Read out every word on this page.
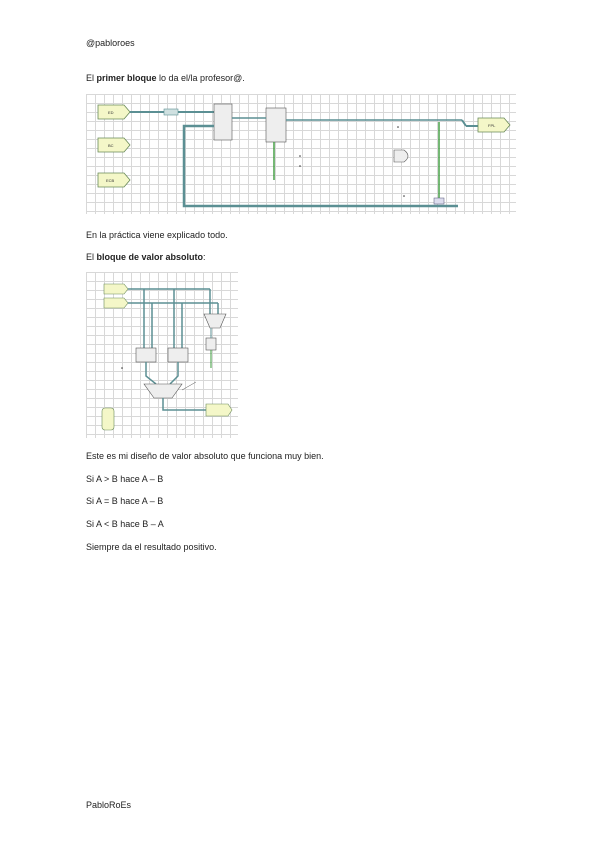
@pabloroes
El primer bloque lo da el/la profesor@.
ED
BC
ECB
FPL
En la práctica viene explicado todo.
El bloque de valor absoluto:
Este es mi diseño de valor absoluto que funciona muy bien.
Si A > B hace A – B
Si A = B hace A – B
Si A < B hace B – A
Siempre da el resultado positivo.
PabloRoEs
